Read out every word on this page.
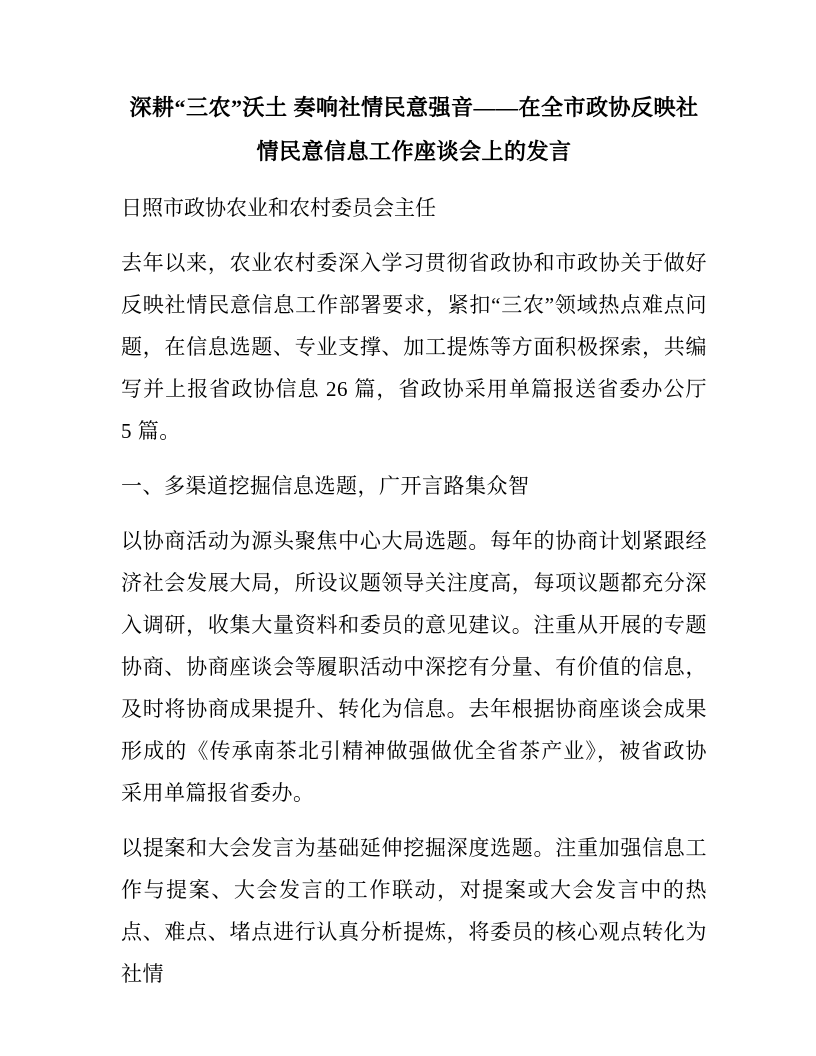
深耕“三农”沃土 奏响社情民意强音——在全市政协反映社情民意信息工作座谈会上的发言

日照市政协农业和农村委员会主任

去年以来，农业农村委深入学习贯彻省政协和市政协关于做好反映社情民意信息工作部署要求，紧扣“三农”领域热点难点问题，在信息选题、专业支撑、加工提炼等方面积极探索，共编写并上报省政协信息 26 篇，省政协采用单篇报送省委办公厅 5 篇。

一、多渠道挖掘信息选题，广开言路集众智

以协商活动为源头聚焦中心大局选题。每年的协商计划紧跟经济社会发展大局，所设议题领导关注度高，每项议题都充分深入调研，收集大量资料和委员的意见建议。注重从开展的专题协商、协商座谈会等履职活动中深挖有分量、有价值的信息，及时将协商成果提升、转化为信息。去年根据协商座谈会成果形成的《传承南茶北引精神做强做优全省茶产业》，被省政协采用单篇报省委办。

以提案和大会发言为基础延伸挖掘深度选题。注重加强信息工作与提案、大会发言的工作联动，对提案或大会发言中的热点、难点、堵点进行认真分析提炼，将委员的核心观点转化为社情
